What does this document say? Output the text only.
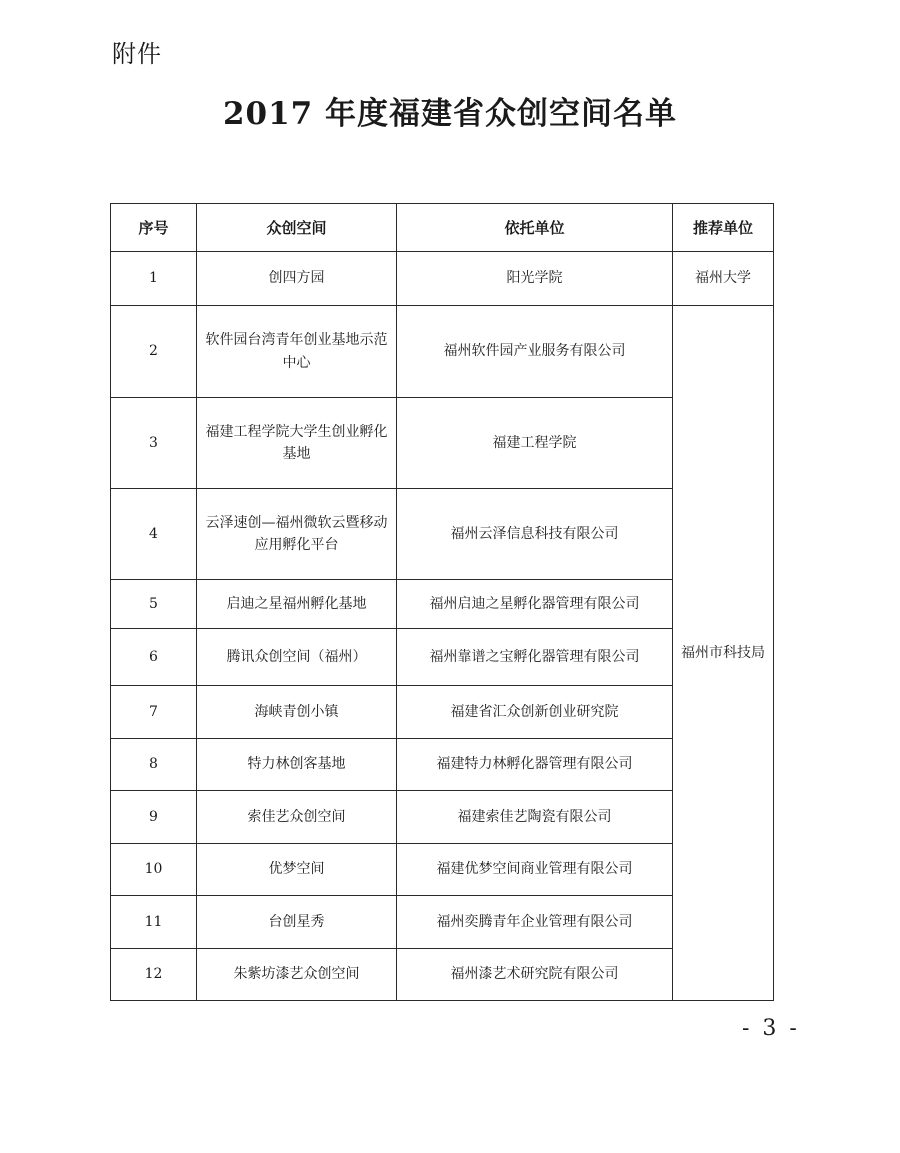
附件
2017 年度福建省众创空间名单
序号	众创空间	依托单位	推荐单位
1	创四方园	阳光学院	福州大学
2	软件园台湾青年创业基地示范中心	福州软件园产业服务有限公司	福州市科技局
3	福建工程学院大学生创业孵化基地	福建工程学院	
4	云泽速创—福州微软云暨移动应用孵化平台	福州云泽信息科技有限公司	
5	启迪之星福州孵化基地	福州启迪之星孵化器管理有限公司	
6	腾讯众创空间（福州）	福州靠谱之宝孵化器管理有限公司	
7	海峡青创小镇	福建省汇众创新创业研究院	
8	特力林创客基地	福建特力林孵化器管理有限公司	
9	索佳艺众创空间	福建索佳艺陶瓷有限公司	
10	优梦空间	福建优梦空间商业管理有限公司	
11	台创星秀	福州奕腾青年企业管理有限公司	
12	朱紫坊漆艺众创空间	福州漆艺术研究院有限公司	
- 3 -
